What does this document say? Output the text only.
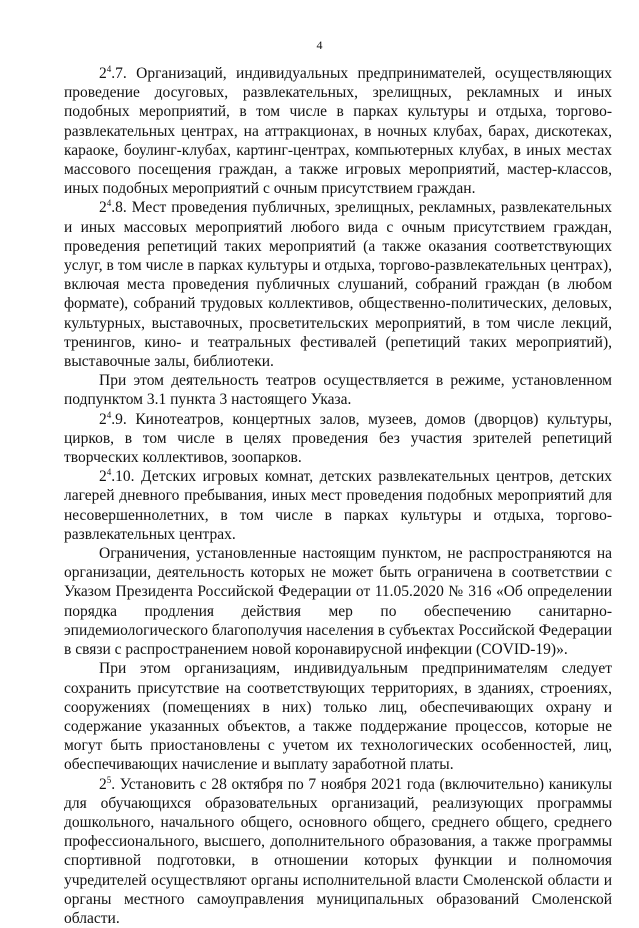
4

$2^4.7$. Организаций, индивидуальных предпринимателей, осуществляющих проведение досуговых, развлекательных, зрелищных, рекламных и иных подобных мероприятий, в том числе в парках культуры и отдыха, торгово-развлекательных центрах, на аттракционах, в ночных клубах, барах, дискотеках, караоке, боулинг-клубах, картинг-центрах, компьютерных клубах, в иных местах массового посещения граждан, а также игровых мероприятий, мастер-классов, иных подобных мероприятий с очным присутствием граждан.

$2^4.8$. Мест проведения публичных, зрелищных, рекламных, развлекательных и иных массовых мероприятий любого вида с очным присутствием граждан, проведения репетиций таких мероприятий (а также оказания соответствующих услуг, в том числе в парках культуры и отдыха, торгово-развлекательных центрах), включая места проведения публичных слушаний, собраний граждан (в любом формате), собраний трудовых коллективов, общественно-политических, деловых, культурных, выставочных, просветительских мероприятий, в том числе лекций, тренингов, кино- и театральных фестивалей (репетиций таких мероприятий), выставочные залы, библиотеки.

При этом деятельность театров осуществляется в режиме, установленном подпунктом 3.1 пункта 3 настоящего Указа.

$2^4.9$. Кинотеатров, концертных залов, музеев, домов (дворцов) культуры, цирков, в том числе в целях проведения без участия зрителей репетиций творческих коллективов, зоопарков.

$2^4.10$. Детских игровых комнат, детских развлекательных центров, детских лагерей дневного пребывания, иных мест проведения подобных мероприятий для несовершеннолетних, в том числе в парках культуры и отдыха, торгово-развлекательных центрах.

Ограничения, установленные настоящим пунктом, не распространяются на организации, деятельность которых не может быть ограничена в соответствии с Указом Президента Российской Федерации от 11.05.2020 № 316 «Об определении порядка продления действия мер по обеспечению санитарно-эпидемиологического благополучия населения в субъектах Российской Федерации в связи с распространением новой коронавирусной инфекции (COVID-19)».

При этом организациям, индивидуальным предпринимателям следует сохранить присутствие на соответствующих территориях, в зданиях, строениях, сооружениях (помещениях в них) только лиц, обеспечивающих охрану и содержание указанных объектов, а также поддержание процессов, которые не могут быть приостановлены с учетом их технологических особенностей, лиц, обеспечивающих начисление и выплату заработной платы.

$2^5$. Установить с 28 октября по 7 ноября 2021 года (включительно) каникулы для обучающихся образовательных организаций, реализующих программы дошкольного, начального общего, основного общего, среднего общего, среднего профессионального, высшего, дополнительного образования, а также программы спортивной подготовки, в отношении которых функции и полномочия учредителей осуществляют органы исполнительной власти Смоленской области и органы местного самоуправления муниципальных образований Смоленской области.
